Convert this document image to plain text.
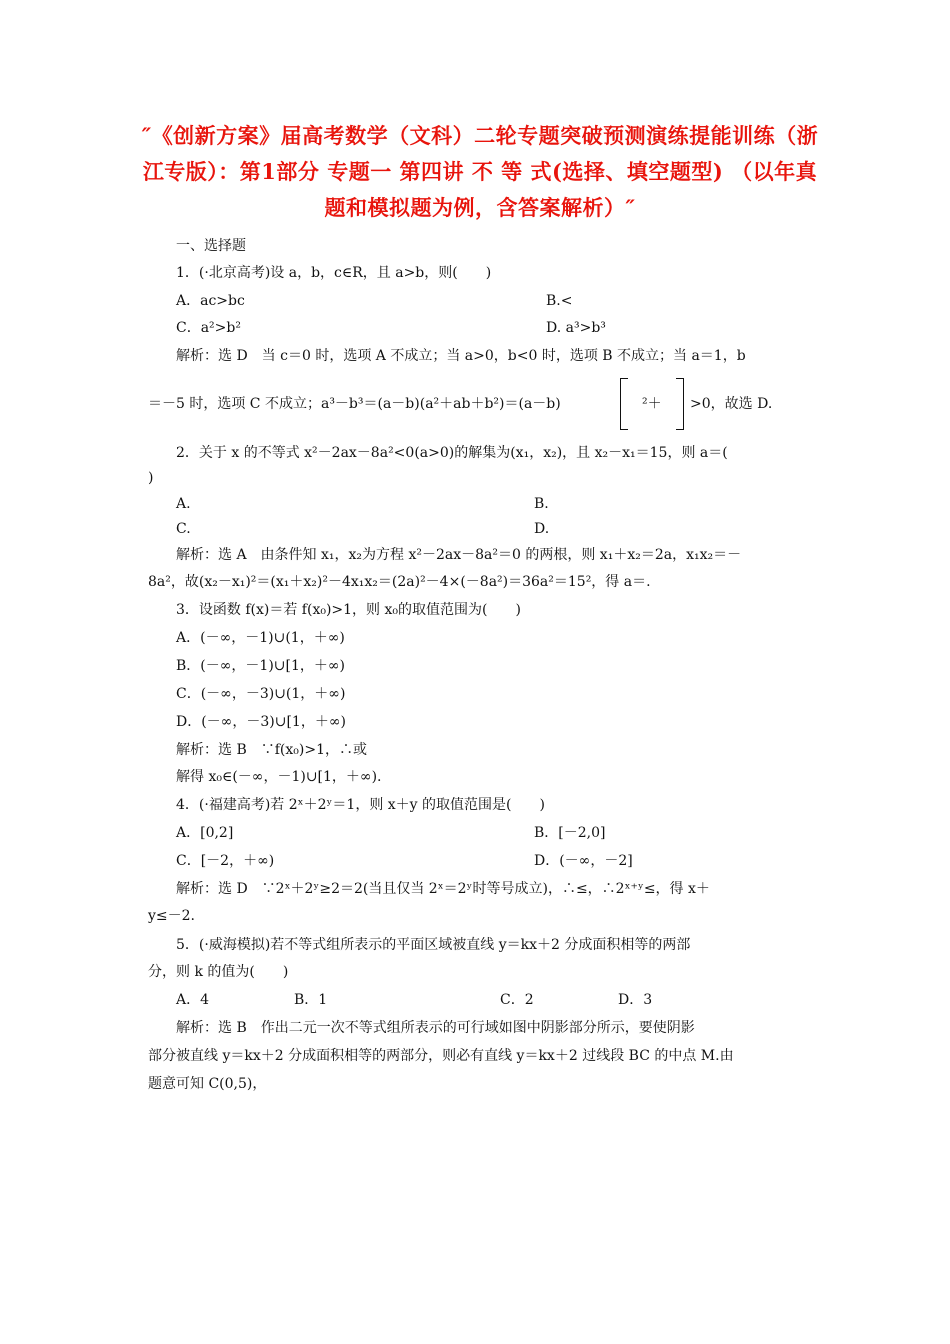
″《创新方案》届高考数学（文科）二轮专题突破预测演练提能训练（浙江专版）：第1部分 专题一 第四讲 不 等 式(选择、填空题型) （以年真题和模拟题为例，含答案解析）″
一、选择题
1．(·北京高考)设 a，b，c∈R，且 a>b，则(　　)
A．ac>bc	B.<
C．a²>b²	D. a³>b³
解析：选 D　当 c＝0 时，选项 A 不成立；当 a>0，b<0 时，选项 B 不成立；当 a＝1，b
＝－5 时，选项 C 不成立；a³－b³＝(a－b)(a²＋ab＋b²)＝(a－b)	²＋ >0，故选 D.
2．关于 x 的不等式 x²－2ax－8a²<0(a>0)的解集为(x₁，x₂)，且 x₂－x₁＝15，则 a＝(
)
A.	B.
C.	D.
解析：选 A　由条件知 x₁，x₂为方程 x²－2ax－8a²＝0 的两根，则 x₁＋x₂＝2a，x₁x₂＝－
8a²，故(x₂－x₁)²＝(x₁＋x₂)²－4x₁x₂＝(2a)²－4×(－8a²)＝36a²＝15²，得 a＝.
3．设函数 f(x)＝若 f(x₀)>1，则 x₀的取值范围为(　　)
A．(－∞，－1)∪(1，＋∞)
B．(－∞，－1)∪[1，＋∞)
C．(－∞，－3)∪(1，＋∞)
D．(－∞，－3)∪[1，＋∞)
解析：选 B　∵f(x₀)>1，∴或
解得 x₀∈(－∞，－1)∪[1，＋∞).
4．(·福建高考)若 2ˣ＋2ʸ＝1，则 x＋y 的取值范围是(　　)
A．[0,2]	B．[－2,0]
C．[－2，＋∞)	D．(－∞，－2]
解析：选 D　∵2ˣ＋2ʸ≥2＝2(当且仅当 2ˣ＝2ʸ时等号成立)，∴≤，∴2ˣ⁺ʸ≤，得 x＋
y≤－2.
5．(·威海模拟)若不等式组所表示的平面区域被直线 y＝kx＋2 分成面积相等的两部
分，则 k 的值为(　　)
A．4	B．1	C．2	D．3
解析：选 B　作出二元一次不等式组所表示的可行域如图中阴影部分所示，要使阴影
部分被直线 y＝kx＋2 分成面积相等的两部分，则必有直线 y＝kx＋2 过线段 BC 的中点 M.由
题意可知 C(0,5)，
